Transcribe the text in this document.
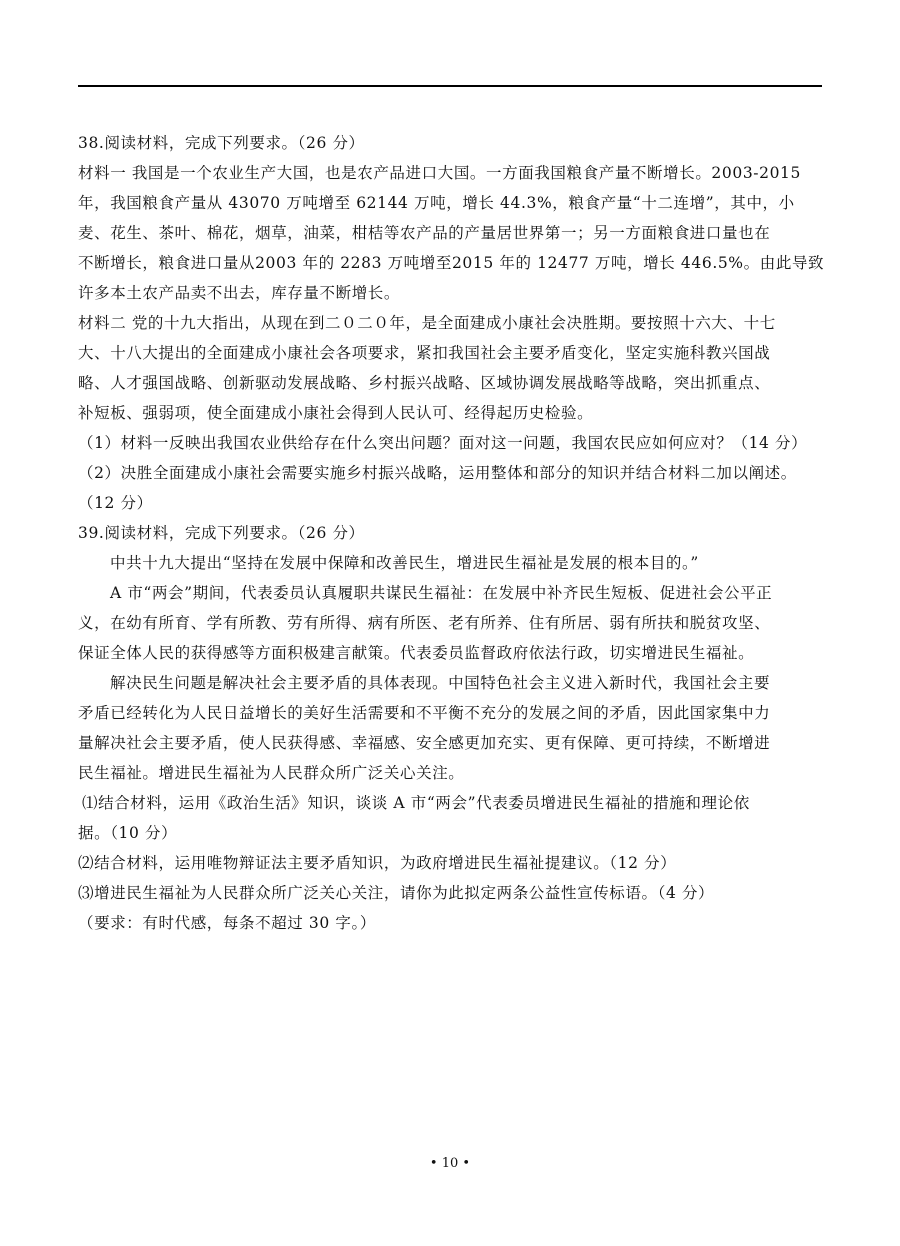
38.阅读材料，完成下列要求。（26 分）
材料一 我国是一个农业生产大国，也是农产品进口大国。一方面我国粮食产量不断增长。2003-2015
年，我国粮食产量从 43070 万吨增至 62144 万吨，增长 44.3%，粮食产量“十二连增”，其中，小
麦、花生、茶叶、棉花，烟草，油菜，柑桔等农产品的产量居世界第一；另一方面粮食进口量也在
不断增长，粮食进口量从2003 年的 2283 万吨增至2015 年的 12477 万吨，增长 446.5%。由此导致
许多本土农产品卖不出去，库存量不断增长。
材料二 党的十九大指出，从现在到二０二０年，是全面建成小康社会决胜期。要按照十六大、十七
大、十八大提出的全面建成小康社会各项要求，紧扣我国社会主要矛盾变化，坚定实施科教兴国战
略、人才强国战略、创新驱动发展战略、乡村振兴战略、区域协调发展战略等战略，突出抓重点、
补短板、强弱项，使全面建成小康社会得到人民认可、经得起历史检验。
（1）材料一反映出我国农业供给存在什么突出问题？面对这一问题，我国农民应如何应对？（14 分）
（2）决胜全面建成小康社会需要实施乡村振兴战略，运用整体和部分的知识并结合材料二加以阐述。
（12 分）
39.阅读材料，完成下列要求。（26 分）
中共十九大提出“坚持在发展中保障和改善民生，增进民生福祉是发展的根本目的。”
A 市“两会”期间，代表委员认真履职共谋民生福祉：在发展中补齐民生短板、促进社会公平正
义，在幼有所育、学有所教、劳有所得、病有所医、老有所养、住有所居、弱有所扶和脱贫攻坚、
保证全体人民的获得感等方面积极建言献策。代表委员监督政府依法行政，切实增进民生福祉。
解决民生问题是解决社会主要矛盾的具体表现。中国特色社会主义进入新时代，我国社会主要
矛盾已经转化为人民日益增长的美好生活需要和不平衡不充分的发展之间的矛盾，因此国家集中力
量解决社会主要矛盾，使人民获得感、幸福感、安全感更加充实、更有保障、更可持续，不断增进
民生福祉。增进民生福祉为人民群众所广泛关心关注。
⑴结合材料，运用《政治生活》知识，谈谈 A 市“两会”代表委员增进民生福祉的措施和理论依
据。（10 分）
⑵结合材料，运用唯物辩证法主要矛盾知识，为政府增进民生福祉提建议。（12 分）
⑶增进民生福祉为人民群众所广泛关心关注，请你为此拟定两条公益性宣传标语。（4 分）
（要求：有时代感，每条不超过 30 字。）
• 10 •
